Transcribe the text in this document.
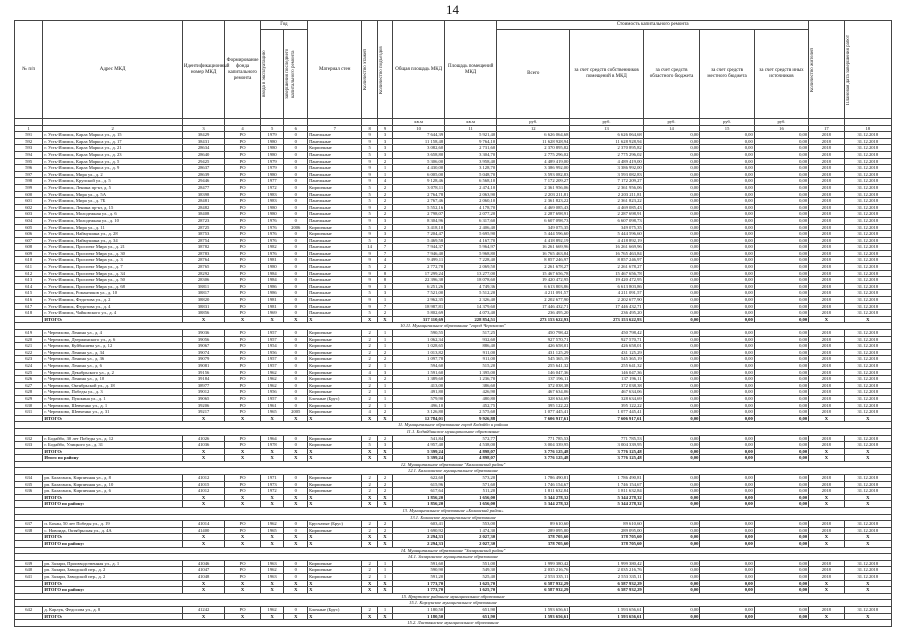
14
№ п/п	Адрес МКД	Идентификационный номер МКД	Формирование фонда капитального ремонта	Год		Материал стен	Количество этажей	Количество подъездов	Общая площадь МКД	Площадь помещений МКД	Стоимость капитального ремонта					Количество жителей	Плановая дата завершения работ

				ввода в эксплуатацию	завершения последнего капитального ремонта						Всего	за счет средств собственников помещений в МКД	за счет средств областного бюджета	за счет средств местного бюджета	за счет средств иных источников		
									кв.м	кв.м	руб.	руб.	руб.	руб.	руб.		
1	2	3	4	5	6	7	8	9	10	11	12	13	14	15	16	17	18
591	г. Усть-Илимск, Карла Маркса ул., д. 15	38429	РО	1979	0	Панельные	9	3	7 644,39	5 921,40	6 626 064,68	6 626 064,68	0,00	0,00	0,00	2018	31.12.2018
592	г. Усть-Илимск, Карла Маркса ул., д. 17	38431	РО	1980	0	Панельные	9	3	11 158,48	9 764,10	11 628 928,94	11 628 928,94	0,00	0,00	0,00	2018	31.12.2018
593	г. Усть-Илимск, Карла Маркса ул., д. 21	28634	РО	1980	0	Кирпичные	5	3	3 082,60	2 731,60	2 370 895,82	2 370 895,82	0,00	0,00	0,00	2018	31.12.2018
594	г. Усть-Илимск, Карла Маркса ул., д. 23	28640	РО	1980	0	Панельные	5	3	3 658,80	3 304,70	2 775 296,02	2 775 296,02	0,00	0,00	0,00	2018	31.12.2018
595	г. Усть-Илимск, Карла Маркса ул., д. 5	29425	РО	1979	0	Панельные	9	2	5 306,00	3 958,40	4 489 419,00	4 489 419,00	0,00	0,00	0,00	2018	31.12.2018
596	г. Усть-Илимск, Карла Маркса ул., д. 9	28637	РО	1979	0	Панельные	9	1	4 430,00	3 128,70	3 386 992,00	3 386 992,00	0,00	0,00	0,00	2018	31.12.2018
597	г. Усть-Илимск, Мира ул., д. 2	28639	РО	1980	0	Панельные	9	1	6 005,00	5 048,70	3 593 082,83	3 593 082,83	0,00	0,00	0,00	2018	31.12.2018
598	г. Усть-Илимск, Крупской ул., д. 5	29446	РО	1977	0	Панельные	9	4	9 128,46	6 568,10	7 172 209,27	7 172 209,27	0,00	0,00	0,00	2018	31.12.2018
599	г. Усть-Илимск, Ленина пр-кт, д. 5	28477	РО	1972	0	Кирпичные	5	2	3 078,11	2 474,10	2 361 956,06	2 361 956,06	0,00	0,00	0,00	2018	31.12.2018
600	г. Усть-Илимск, Мира ул., д. 5А	38398	РО	1983	0	Панельные	5	2	2 764,78	2 063,90	2 203 211,81	2 203 211,81	0,00	0,00	0,00	2018	31.12.2018
601	г. Усть-Илимск, Мира ул., д. 7Б	28481	РО	1983	0	Панельные	5	2	2 767,46	2 060,10	2 361 823,22	2 361 823,22	0,00	0,00	0,00	2018	31.12.2018
602	г. Усть-Илимск, Ленина пр-кт, д. 15	28482	РО	1980	0	Панельные	9	2	5 552,16	4 178,70	4 469 085,43	4 469 085,43	0,00	0,00	0,00	2018	31.12.2018
603	г. Усть-Илимск, Молодежная ул., д. 6	38408	РО	1980	0	Панельные	5	2	2 798,07	2 077,20	2 287 698,91	2 287 698,91	0,00	0,00	0,00	2018	31.12.2018
604	г. Усть-Илимск, Молодежная ул., д. 10	28723	РО	1976	0	Панельные	9	3	8 304,96	6 317,60	6 607 098,73	6 607 098,73	0,00	0,00	0,00	2018	31.12.2018
605	г. Усть-Илимск, Мира ул., д. 11	28725	РО	1976	2006	Кирпичные	5	2	3 418,10	2 406,40	349 075,35	349 075,35	0,00	0,00	0,00	2018	31.12.2018
606	г. Усть-Илимск, Наймушина ул., д. 28	38753	РО	1976	0	Кирпичные	9	3	7 204,47	5 695,90	5 444 596,60	5 444 596,60	0,00	0,00	0,00	2018	31.12.2018
607	г. Усть-Илимск, Наймушина ул., д. 34	28754	РО	1976	0	Панельные	5	2	5 469,58	4 167,70	4 418 892,19	4 418 892,19	0,00	0,00	0,00	2018	31.12.2018
608	г. Усть-Илимск, Проспект Мира ул., д. 21	38782	РО	1982	0	Панельные	14	7	7 944,37	5 964,97	16 261 669,96	16 261 669,96	0,00	0,00	0,00	2018	31.12.2018
609	г. Усть-Илимск, Проспект Мира ул., д. 30	28783	РО	1976	0	Панельные	9	7	7 946,40	5 968,80	16 765 463,84	16 765 463,84	0,00	0,00	0,00	2018	31.12.2018
610	г. Усть-Илимск, Проспект Мира ул., д. 3	28764	РО	1981	0	Панельные	9	4	9 499,11	7 228,40	8 857 246,97	8 857 246,97	0,00	0,00	0,00	2018	31.12.2018
611	г. Усть-Илимск, Проспект Мира ул., д. 7	28765	РО	1980	0	Панельные	5	2	2 772,78	2 069,50	2 261 678,27	2 261 678,27	0,00	0,00	0,00	2018	31.12.2018
612	г. Усть-Илимск, Проспект Мира ул., д. 34	28292	РО	1984	0	Панельные	9	8	17 299,24	13 277,00	15 467 656,78	15 467 656,78	0,00	0,00	0,00	2018	31.12.2018
613	г. Усть-Илимск, Проспект Мира ул., д. 50	28306	РО	1984	0	Панельные	9	8	22 396,38	18 078,60	19 420 472,95	19 420 472,95	0,00	0,00	0,00	2018	31.12.2018
614	г. Усть-Илимск, Проспект Мира ул., д. 68	38811	РО	1986	0	Панельные	9	3	6 251,26	4 749,36	6 613 803,86	6 613 803,86	0,00	0,00	0,00	2018	31.12.2018
615	г. Усть-Илимск, Романтиков ул., д. 10	38817	РО	1986	0	Панельные	5	3	7 521,00	5 512,20	4 211 091,57	4 211 091,57	0,00	0,00	0,00	2018	31.12.2018
616	г. Усть-Илимск, Федотова ул., д. 2	38820	РО	1981	0	Панельные	9	1	2 962,35	2 326,40	2 202 677,90	2 202 677,90	0,00	0,00	0,00	2018	31.12.2018
617	г. Усть-Илимск, Федотова ул., д. 4	38831	РО	1981	0	Панельные	9	7	18 987,81	14 379,60	17 446 432,71	17 446 432,71	0,00	0,00	0,00	2018	31.12.2018
618	г. Усть-Илимск, Чайковского ул., д. 4	38856	РО	1969	0	Панельные	5	2	5 802,69	4 073,40	236 495,20	236 495,20	0,00	0,00	0,00	2018	31.12.2018
	ИТОГО:	X	X	X	X	X	X	X	317 110,69	228 854,51	273 153 622,93	273 153 622,93	0,00	0,00	0,00	X	X
10.11. Муниципальное образование "город Черемхово"																	
619	г. Черемхово, Ленина ул., д. 4	39036	РО	1957	0	Кирпичные	2	1	590,55	517,25	450 798,42	450 798,42	0,00	0,00	0,00	2018	31.12.2018
620	г. Черемхово, Дзержинского ул., д. 6	39056	РО	1957	0	Кирпичные	2	1	1 062,34	932,60	927 570,71	927 570,71	0,00	0,00	0,00	2018	31.12.2018
621	г. Черемхово, Куйбышева ул., д. 12	39067	РО	1954	0	Кирпичные	2	1	1 028,65	886,40	426 658,01	426 658,01	0,00	0,00	0,00	2018	31.12.2018
622	г. Черемхово, Ленина ул., д. 34	39074	РО	1956	0	Кирпичные	2	2	1 013,82	911,00	431 125,29	431 125,29	0,00	0,00	0,00	2018	31.12.2018
623	г. Черемхово, Ленина ул., д. 36	39079	РО	1957	0	Кирпичные	2	2	1 097,78	911,00	545 365,19	545 365,19	0,00	0,00	0,00	2018	31.12.2018
624	г. Черемхово, Ленина ул., д. 6	39081	РО	1957	0	Кирпичные	2	1	594,60	515,20	255 641,32	255 641,32	0,00	0,00	0,00	2018	31.12.2018
625	г. Черемхово, Декабрьского ул., д. 2	39156	РО	1962	0	Кирпичные	4	3	1 591,60	1 395,00	146 047,36	146 047,36	0,00	0,00	0,00	2018	31.12.2018
626	г. Черемхово, Ленина ул., д. 10	39184	РО	1962	0	Кирпичные	3	2	1 389,60	1 236,70	137 196,11	137 196,11	0,00	0,00	0,00	2018	31.12.2018
627	г. Черемхово, Октябрьской ул., д. 18	38977	РО	1962	0	Кирпичные	2	1	413,00	386,60	372 038,38	372 038,38	0,00	0,00	0,00	2018	31.12.2018
628	г. Черемхово, Победы ул., д. 3	39012	РО	1956	0	Кирпичные	2	1	491,80	426,90	467 634,06	467 634,06	0,00	0,00	0,00	2018	31.12.2018
629	г. Черемхово, Пушкина ул., д. 1	39065	РО	1957	0	Блочные (Брус)	2	1	579,90	480,80	328 634,69	328 634,69	0,00	0,00	0,00	2018	31.12.2018
630	г. Черемхово, Шевченко ул., д. 1	39206	РО	1961	0	Кирпичные	2	1	496,10	452,75	395 122,22	395 122,22	0,00	0,00	0,00	2018	31.12.2018
631	г. Черемхово, Шевченко ул., д. 31	39217	РО	1965	2005	Кирпичные	4	2	3 126,80	2 575,60	1 077 445,41	1 077 445,41	0,00	0,00	0,00	2018	31.12.2018
	ИТОГО:	X	X	X	X	X	X	X	12 784,01	9 926,88	7 606 917,61	7 606 917,61	0,00	0,00	0,00	X	X
11. Муниципальное образование город Бодайбо и района																	
11.1. Бодайбинское муниципальное образование																	
632	г. Бодайбо, 30 лет Победы ул., д. 12	41026	РО	1964	0	Кирпичные	2	2	541,84	572,77	771 785,53	771 785,53	0,00	0,00	0,00	2018	31.12.2018
633	г. Бодайбо, Улицкого ул., д. 31	41036	РО	1978	0	Кирпичные	5	3	4 957,40	4 538,00	3 004 339,95	3 004 339,95	0,00	0,00	0,00	2018	31.12.2018
	ИТОГО:	X	X	X	X	X	X	X	5 399,24	4 898,07	3 776 125,48	3 776 125,48	0,00	0,00	0,00	X	X
	Итого по району	X	X	X	X	X	X	X	5 399,24	4 898,07	3 776 125,48	3 776 125,48	0,00	0,00	0,00	X	X
12. Муниципальное образование "Балаганский район"																	
12.1. Балаганское муниципальное образование																	
634	рп. Балаганск, Кирпичная ул., д. 8	41012	РО	1971	0	Кирпичные	2	2	622,60	573,20	1 786 490,81	1 786 490,81	0,00	0,00	0,00	2018	31.12.2018
635	рп. Балаганск, Кирпичная ул., д. 10	41015	РО	1973	0	Кирпичные	2	2	615,96	571,60	1 746 154,67	1 746 154,67	0,00	0,00	0,00	2018	31.12.2018
636	рп. Балаганск, Кирпичная ул., д. 6	41012	РО	1972	0	Кирпичные	2	2	617,64	511,20	1 811 632,84	1 811 632,84	0,00	0,00	0,00	2018	31.12.2018
	ИТОГО:	X	X	X	X	X	X	X	1 856,20	1 656,00	5 344 278,32	5 344 278,32	0,00	0,00	0,00	X	X
	ИТОГО по району:	X	X	X	X	X	X	X	1 856,20	1 656,00	5 344 278,32	5 344 278,32	0,00	0,00	0,00	X	X
13. Муниципальное образование «Боханский район»																	
13.1. Боханское муниципальное образование																	
637	п. Бохан, 50 лет Победы ул., д. 19	41014	РО	1962	0	Брусчатые (Брус)	2	2	603,41	553,00	89 610,60	89 610,60	0,00	0,00	0,00	2018	31.12.2018
638	с. Новоида, Октябрьская ул., д. 4А	41400	РО	1965	0	Кирпичные	2	2	1 690,92	1 474,30	289 095,00	289 095,00	0,00	0,00	0,00	2018	31.12.2018
	ИТОГО:	X	X	X	X	X	X	X	2 294,33	2 027,30	378 705,60	378 705,60	0,00	0,00	0,00	X	X
	ИТОГО по району:	X	X	X	X	X	X	X	2 294,33	2 027,30	378 705,60	378 705,60	0,00	0,00	0,00	X	X
14. Муниципальное образование "Заларинский район"																	
14.1. Заларинское муниципальное образование																	
639	рп. Залари, Производственная ул., д. 1	41046	РО	1963	0	Кирпичные	2	1	591,60	551,00	1 999 380,42	1 999 380,42	0,00	0,00	0,00	2018	31.12.2018
640	рп. Залари, Заводской пер., д. 2	41047	РО	1962	0	Кирпичные	2	1	590,90	549,30	2 035 216,76	2 035 216,76	0,00	0,00	0,00	2018	31.12.2018
641	рп. Залари, Заводской пер., д. 2	41048	РО	1963	0	Кирпичные	2	1	591,20	525,40	2 553 335,11	2 553 335,11	0,00	0,00	0,00	2018	31.12.2018
	ИТОГО:	X	X	X	X	X	X	X	1 773,70	1 625,70	6 587 932,29	6 587 932,29	0,00	0,00	0,00	X	X
	ИТОГО по району:	X	X	X	X	X	X	X	1 773,70	1 625,70	6 587 932,29	6 587 932,29	0,00	0,00	0,00	X	X
15. Иркутское районное муниципальное образование																	
15.1. Карлукское муниципальное образование																	
642	д. Карлук, Федосова ул., д. 8	41242	РО	1962	0	Блочные (Брус)	2	1	1 180,50	651,90	1 593 656,61	1 593 656,61	0,00	0,00	0,00	2018	31.12.2018
	ИТОГО:	X	X	X	X	X	X	X	1 180,50	651,90	1 593 656,61	1 593 656,61	0,00	0,00	0,00	X	X
15.2. Листвянское муниципальное образование																	
